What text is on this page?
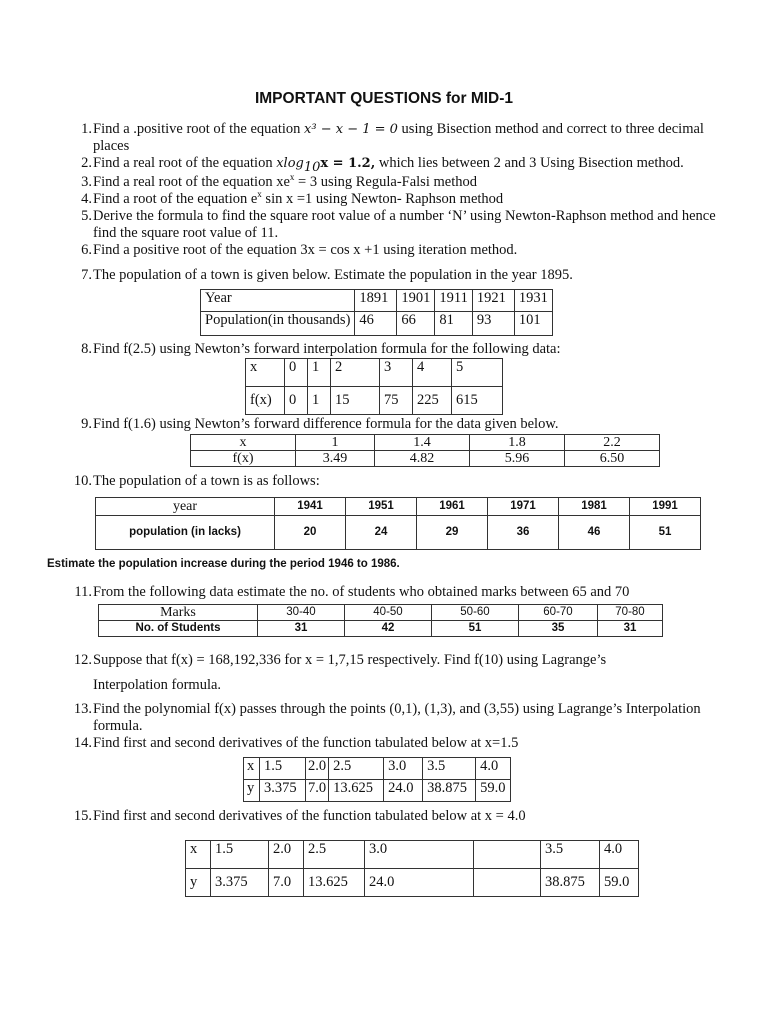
IMPORTANT QUESTIONS for MID-1
1. Find a .positive root of the equation x³ − x − 1 = 0 using Bisection method and correct to three decimal places
2. Find a real root of the equation xlog$_{10}$x = 1.2, which lies between 2 and 3 Using Bisection method.
3. Find a real root of the equation $xe^x = 3$ using Regula-Falsi method
4. Find a root of the equation $e^x$ sin x =1 using Newton- Raphson method
5. Derive the formula to find the square root value of a number ‘N’ using Newton-Raphson method and hence find the square root value of 11.
6. Find a positive root of the equation 3x = cos x +1 using iteration method.
7. The population of a town is given below. Estimate the population in the year 1895.
Year	1891	1901	1911	1921	1931
Population(in thousands)	46	66	81	93	101
8. Find f(2.5) using Newton’s forward interpolation formula for the following data:
x	0	1	2	3	4	5
f(x)	0	1	15	75	225	615
9. Find f(1.6) using Newton’s forward difference formula for the data given below.
x	1	1.4	1.8	2.2
f(x)	3.49	4.82	5.96	6.50
10. The population of a town is as follows:
year	1941	1951	1961	1971	1981	1991
population (in lacks)	20	24	29	36	46	51
Estimate the population increase during the period 1946 to 1986.
11. From the following data estimate the no. of students who obtained marks between 65 and 70
Marks	30-40	40-50	50-60	60-70	70-80
No. of Students	31	42	51	35	31
12. Suppose that f(x) = 168,192,336 for x = 1,7,15 respectively. Find f(10) using Lagrange’s
Interpolation formula.
13. Find the polynomial f(x) passes through the points (0,1), (1,3), and (3,55) using Lagrange’s Interpolation formula.
14. Find first and second derivatives of the function tabulated below at x=1.5
x	1.5	2.0	2.5	3.0	3.5	4.0
y	3.375	7.0	13.625	24.0	38.875	59.0
15. Find first and second derivatives of the function tabulated below at x = 4.0
x	1.5	2.0	2.5	3.0		3.5	4.0
y	3.375	7.0	13.625	24.0		38.875	59.0
